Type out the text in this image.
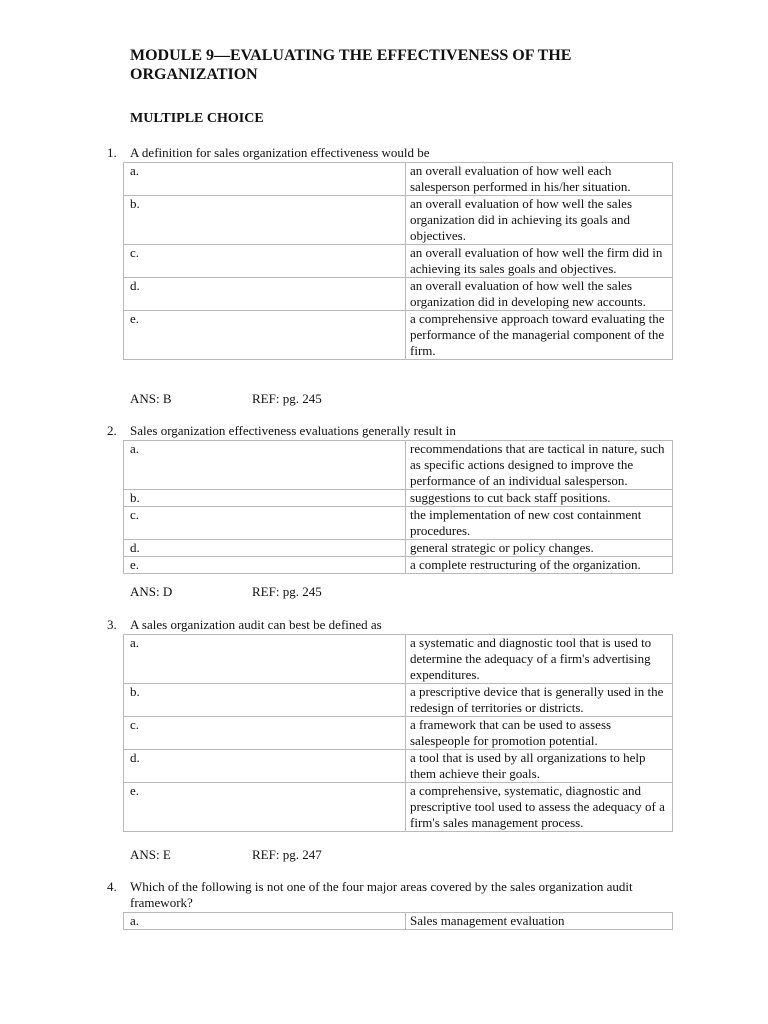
MODULE 9—EVALUATING THE EFFECTIVENESS OF THE ORGANIZATION
MULTIPLE CHOICE
1. A definition for sales organization effectiveness would be
a.	an overall evaluation of how well each salesperson performed in his/her situation.
b.	an overall evaluation of how well the sales organization did in achieving its goals and objectives.
c.	an overall evaluation of how well the firm did in achieving its sales goals and objectives.
d.	an overall evaluation of how well the sales organization did in developing new accounts.
e.	a comprehensive approach toward evaluating the performance of the managerial component of the firm.
ANS: B	REF: pg. 245
2. Sales organization effectiveness evaluations generally result in
a.	recommendations that are tactical in nature, such as specific actions designed to improve the performance of an individual salesperson.
b.	suggestions to cut back staff positions.
c.	the implementation of new cost containment procedures.
d.	general strategic or policy changes.
e.	a complete restructuring of the organization.
ANS: D	REF: pg. 245
3. A sales organization audit can best be defined as
a.	a systematic and diagnostic tool that is used to determine the adequacy of a firm's advertising expenditures.
b.	a prescriptive device that is generally used in the redesign of territories or districts.
c.	a framework that can be used to assess salespeople for promotion potential.
d.	a tool that is used by all organizations to help them achieve their goals.
e.	a comprehensive, systematic, diagnostic and prescriptive tool used to assess the adequacy of a firm's sales management process.
ANS: E	REF: pg. 247
4. Which of the following is not one of the four major areas covered by the sales organization audit framework?
a.	Sales management evaluation
